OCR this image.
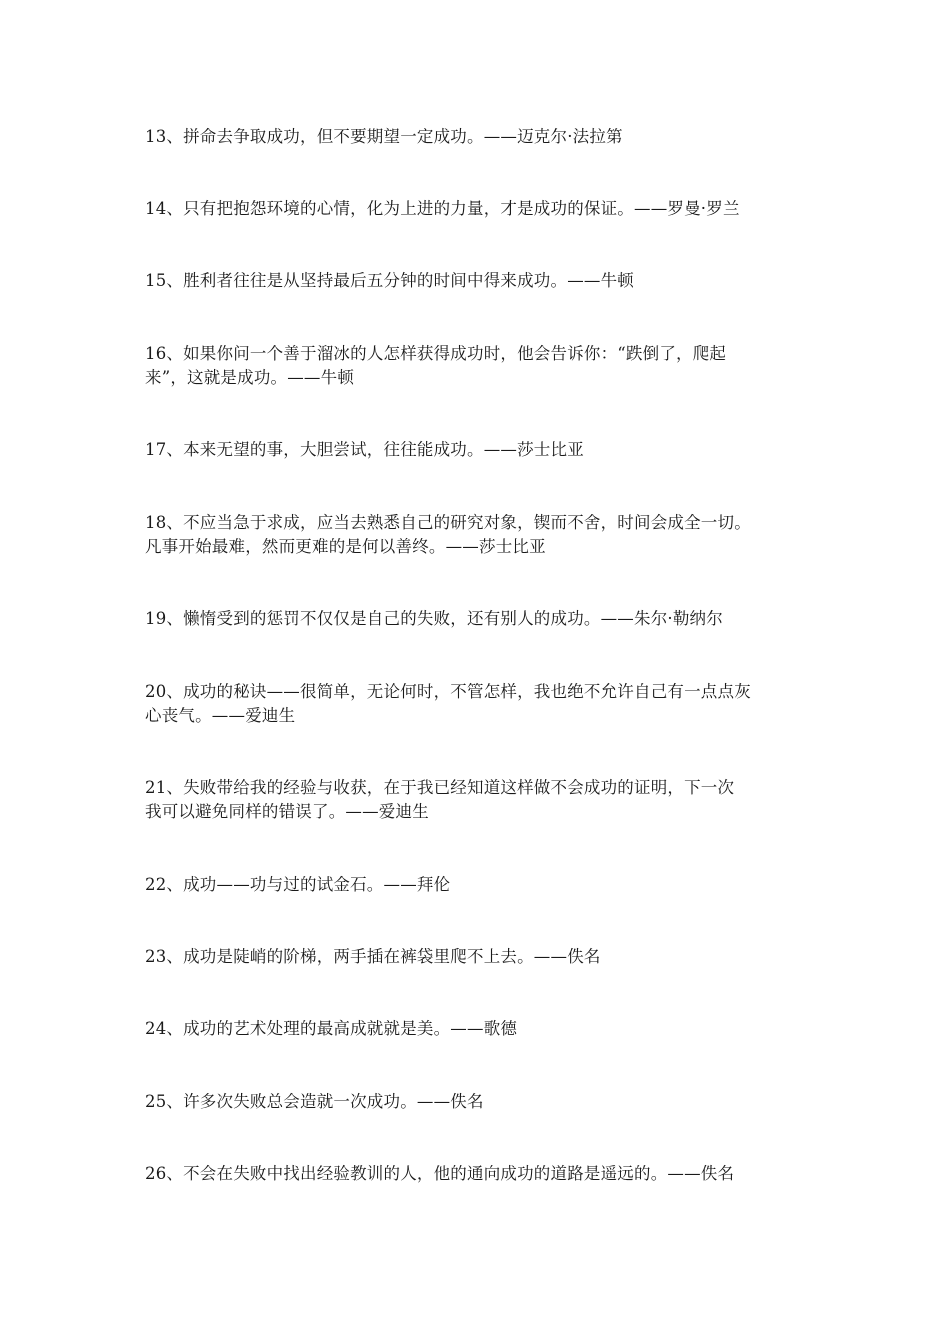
13、拼命去争取成功，但不要期望一定成功。——迈克尔·法拉第
14、只有把抱怨环境的心情，化为上进的力量，才是成功的保证。——罗曼·罗兰
15、胜利者往往是从坚持最后五分钟的时间中得来成功。——牛顿
16、如果你问一个善于溜冰的人怎样获得成功时，他会告诉你：“跌倒了，爬起
来”，这就是成功。——牛顿
17、本来无望的事，大胆尝试，往往能成功。——莎士比亚
18、不应当急于求成，应当去熟悉自己的研究对象，锲而不舍，时间会成全一切。
凡事开始最难，然而更难的是何以善终。——莎士比亚
19、懒惰受到的惩罚不仅仅是自己的失败，还有别人的成功。——朱尔·勒纳尔
20、成功的秘诀——很简单，无论何时，不管怎样，我也绝不允许自己有一点点灰
心丧气。——爱迪生
21、失败带给我的经验与收获，在于我已经知道这样做不会成功的证明，下一次
我可以避免同样的错误了。——爱迪生
22、成功——功与过的试金石。——拜伦
23、成功是陡峭的阶梯，两手插在裤袋里爬不上去。——佚名
24、成功的艺术处理的最高成就就是美。——歌德
25、许多次失败总会造就一次成功。——佚名
26、不会在失败中找出经验教训的人，他的通向成功的道路是遥远的。——佚名
